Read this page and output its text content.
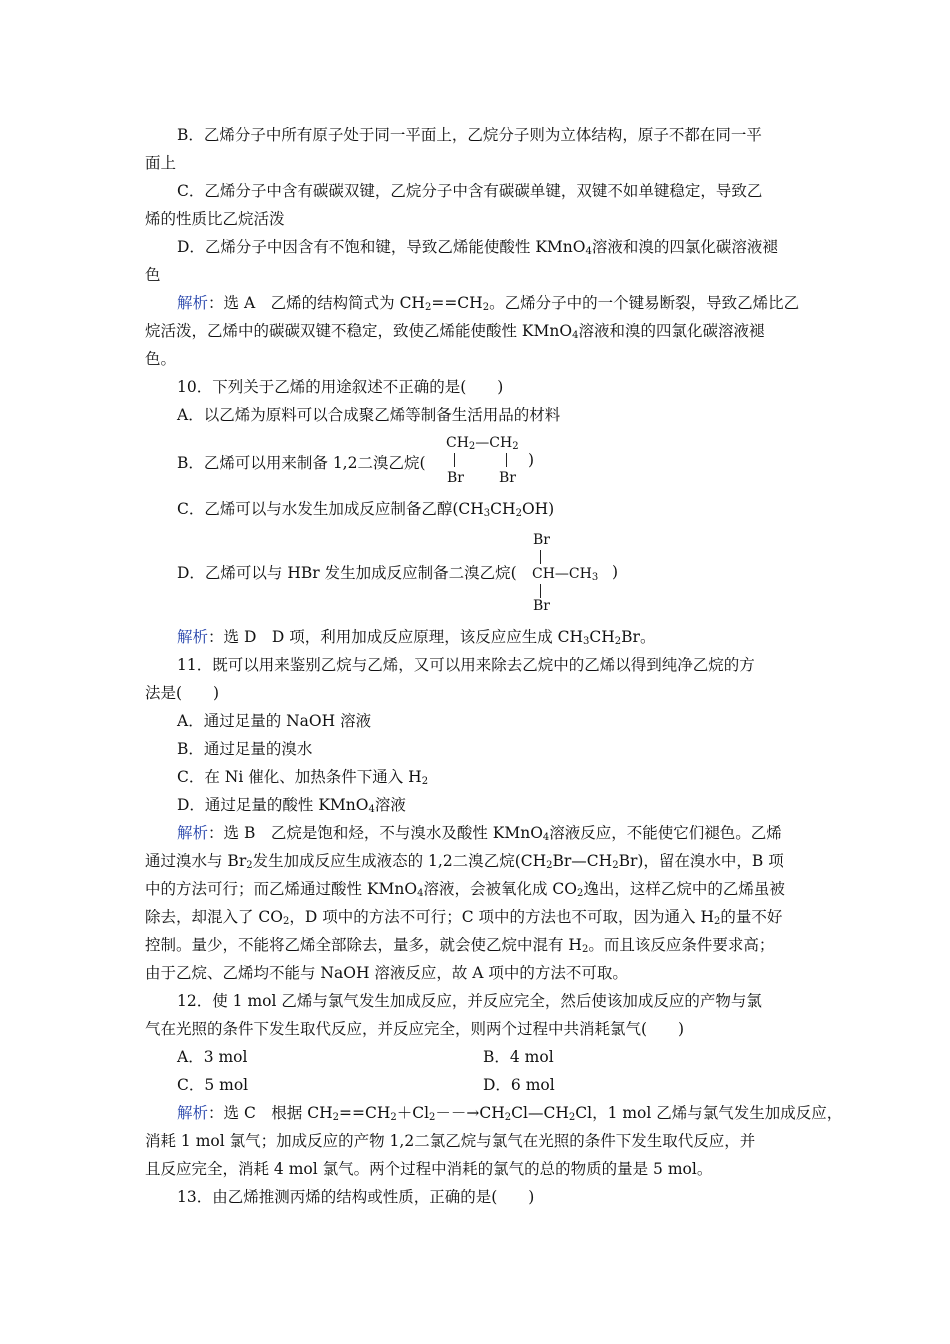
B．乙烯分子中所有原子处于同一平面上，乙烷分子则为立体结构，原子不都在同一平
面上
C．乙烯分子中含有碳碳双键，乙烷分子中含有碳碳单键，双键不如单键稳定，导致乙
烯的性质比乙烷活泼
D．乙烯分子中因含有不饱和键，导致乙烯能使酸性 KMnO$_4$溶液和溴的四氯化碳溶液褪
色
解析：选 A　乙烯的结构简式为 $CH_2==CH_2$。乙烯分子中的一个键易断裂，导致乙烯比乙
烷活泼，乙烯中的碳碳双键不稳定，致使乙烯能使酸性 KMnO$_4$溶液和溴的四氯化碳溶液褪
色。
10．下列关于乙烯的用途叙述不正确的是(　　)
A．以乙烯为原料可以合成聚乙烯等制备生活用品的材料
B．乙烯可以用来制备 1,2二溴乙烷(
$CH_2—CH_2$
Br	Br
)
C．乙烯可以与水发生加成反应制备乙醇$(CH_3CH_2OH)$
D．乙烯可以与 HBr 发生加成反应制备二溴乙烷(
Br
$CH—CH_3$ )
Br
解析：选 D　D 项，利用加成反应原理，该反应应生成 $CH_3CH_2Br$。
11．既可以用来鉴别乙烷与乙烯，又可以用来除去乙烷中的乙烯以得到纯净乙烷的方
法是(　　)
A．通过足量的 NaOH 溶液
B．通过足量的溴水
C．在 Ni 催化、加热条件下通入 $H_2$
D．通过足量的酸性 KMnO$_4$溶液
解析：选 B　乙烷是饱和烃，不与溴水及酸性 KMnO$_4$溶液反应，不能使它们褪色。乙烯
通过溴水与 $Br_2$发生加成反应生成液态的 1,2二溴乙烷$(CH_2Br—CH_2Br)$，留在溴水中，B 项
中的方法可行；而乙烯通过酸性 KMnO$_4$溶液，会被氧化成 $CO_2$逸出，这样乙烷中的乙烯虽被
除去，却混入了 $CO_2$，D 项中的方法不可行；C 项中的方法也不可取，因为通入 $H_2$的量不好
控制。量少，不能将乙烯全部除去，量多，就会使乙烷中混有 $H_2$。而且该反应条件要求高；
由于乙烷、乙烯均不能与 NaOH 溶液反应，故 A 项中的方法不可取。
12．使 1 mol 乙烯与氯气发生加成反应，并反应完全，然后使该加成反应的产物与氯
气在光照的条件下发生取代反应，并反应完全，则两个过程中共消耗氯气(　　)
A．3 mol	B．4 mol
C．5 mol	D．6 mol
解析：选 C　根据 $CH_2==CH_2+Cl_2--\to CH_2Cl—CH_2Cl$，1 mol 乙烯与氯气发生加成反应，
消耗 1 mol 氯气；加成反应的产物 1,2二氯乙烷与氯气在光照的条件下发生取代反应，并
且反应完全，消耗 4 mol 氯气。两个过程中消耗的氯气的总的物质的量是 5 mol。
13．由乙烯推测丙烯的结构或性质，正确的是(　　)
